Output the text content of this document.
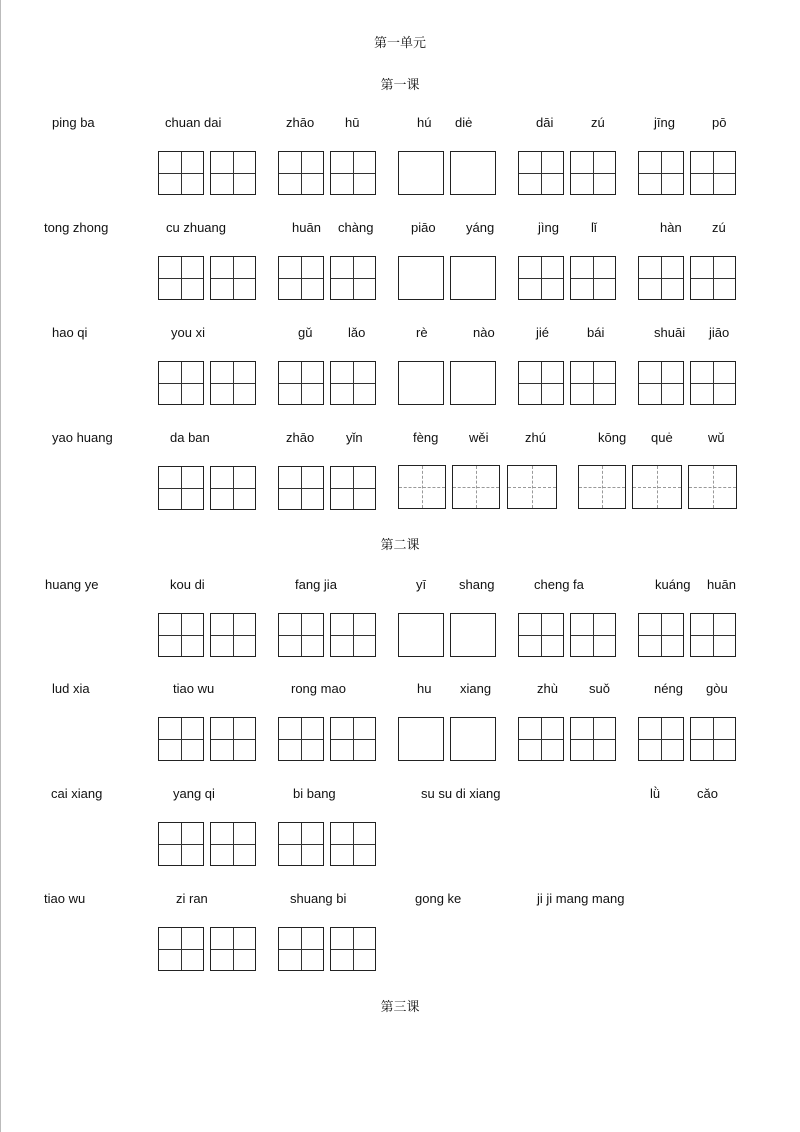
第一单元
第一课
ping ba	chuan dai	zhāo hū	hú diė	dāi	zú	jīng	pō
tong zhong	cu zhuang	huān chàng	piāo yáng	jìng lǐ	hàn zú
hao qi	you xi	gǔ	lǎo	rè	nào	jié	bái	shuāi jiāo
yao huang	da ban	zhāo yǐn	fèng wěi	zhú	kōng quė	wǔ
第二课
huang ye	kou di	fang jia	yī	shang	cheng fa	kuáng huān
lud xia	tiao wu	rong mao	hu xiang	zhù suǒ	néng gòu
cai xiang	yang qi	bi bang	su su di xiang	lǜ	cǎo
tiao wu	zi ran	shuang bi	gong ke	ji ji mang mang
第三课
